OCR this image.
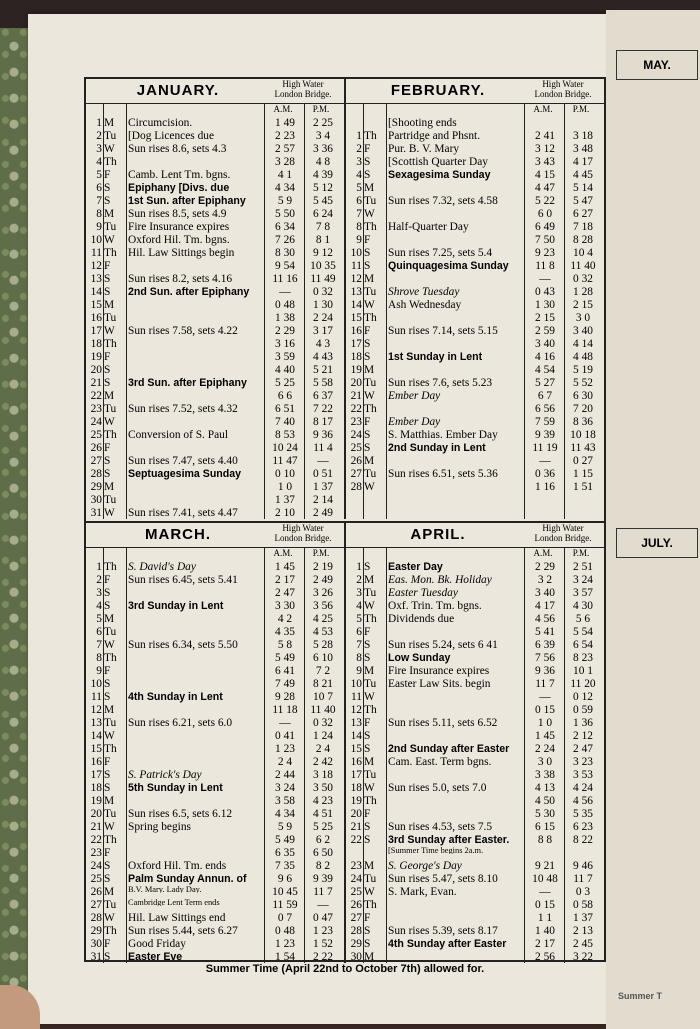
MAY.
JULY.
Summer T
JANUARY.	High Water
London Bridge.
A.M. P.M.
1 M	Circumcision.	1 49	2 25
2 Tu	[Dog Licences due	2 23	3 4
3 W	Sun rises 8.6, sets 4.3	2 57	3 36
4 Th	3 28	4 8
5 F	Camb. Lent Tm. bgns.	4 1	4 39
6 S	Epiphany [Divs. due	4 34	5 12
7 S	1st Sun. after Epiphany	5 9	5 45
8 M	Sun rises 8.5, sets 4.9	5 50	6 24
9 Tu	Fire Insurance expires	6 34	7 8
10 W	Oxford Hil. Tm. bgns.	7 26	8 1
11 Th Hil. Law Sittings begin	8 30	9 12
12 F	9 54	10 35
13 S	Sun rises 8.2, sets 4.16	11 16	11 49
14 S	2nd Sun. after Epiphany	—	0 32
15 M	0 48	1 30
16 Tu	1 38	2 24
17 W	Sun rises 7.58, sets 4.22	2 29	3 17
18 Th	3 16	4 3
19 F	3 59	4 43
20 S	4 40	5 21
21 S	3rd Sun. after Epiphany	5 25	5 58
22 M	6 6	6 37
23 Tu	Sun rises 7.52, sets 4.32	6 51	7 22
24 W	7 40	8 17
25 Th Conversion of S. Paul	8 53	9 36
26 F	10 24	11 4
27 S	Sun rises 7.47, sets 4.40	11 47	—
28 S	Septuagesima Sunday	0 10	0 51
29 M	1 0	1 37
30 Tu	1 37	2 14
31 W	Sun rises 7.41, sets 4.47	2 10	2 49
FEBRUARY.	High Water
London Bridge.
A.M. P.M.
[Shooting ends
1 Th Partridge and Phsnt.	2 41	3 18
2 F	Pur. B. V. Mary	3 12	3 48
3 S	[Scottish Quarter Day	3 43	4 17
4 S	Sexagesima Sunday	4 15	4 45
5 M	4 47	5 14
6 Tu	Sun rises 7.32, sets 4.58	5 22	5 47
7 W	6 0	6 27
8 Th Half-Quarter Day	6 49	7 18
9 F	7 50	8 28
10 S	Sun rises 7.25, sets 5.4	9 23	10 4
11 S	Quinquagesima Sunday	11 8	11 40
12 M	—	0 32
13 Tu	Shrove Tuesday	0 43	1 28
14 W	Ash Wednesday	1 30	2 15
15 Th	2 15	3 0
16 F	Sun rises 7.14, sets 5.15	2 59	3 40
17 S	3 40	4 14
18 S	1st Sunday in Lent	4 16	4 48
19 M	4 54	5 19
20 Tu	Sun rises 7.6, sets 5.23	5 27	5 52
21 W	Ember Day	6 7	6 30
22 Th	6 56	7 20
23 F	Ember Day	7 59	8 36
24 S	S. Matthias. Ember Day	9 39	10 18
25 S	2nd Sunday in Lent	11 19	11 43
26 M	—	0 27
27 Tu	Sun rises 6.51, sets 5.36	0 36	1 15
28 W	1 16	1 51
MARCH.	High Water
London Bridge.
A.M. P.M.
1 Th S. David's Day	1 45	2 19
2 F	Sun rises 6.45, sets 5.41	2 17	2 49
3 S	2 47	3 26
4 S	3rd Sunday in Lent	3 30	3 56
5 M	4 2	4 25
6 Tu	4 35	4 53
7 W	Sun rises 6.34, sets 5.50	5 8	5 28
8 Th	5 49	6 10
9 F	6 41	7 2
10 S	7 49	8 21
11 S	4th Sunday in Lent	9 28	10 7
12 M	11 18	11 40
13 Tu	Sun rises 6.21, sets 6.0	—	0 32
14 W	0 41	1 24
15 Th	1 23	2 4
16 F	2 4	2 42
17 S	S. Patrick's Day	2 44	3 18
18 S	5th Sunday in Lent	3 24	3 50
19 M	3 58	4 23
20 Tu	Sun rises 6.5, sets 6.12	4 34	4 51
21 W	Spring begins	5 9	5 25
22 Th	5 49	6 2
23 F	6 35	6 50
24 S	Oxford Hil. Tm. ends	7 35	8 2
25 S	Palm Sunday Annun. of	9 6	9 39
26 M	B.V. Mary. Lady Day.	10 45	11 7
27 Tu	Cambridge Lent Term ends	11 59	—
28 W	Hil. Law Sittings end	0 7	0 47
29 Th Sun rises 5.44, sets 6.27	0 48	1 23
30 F	Good Friday	1 23	1 52
31 S	Easter Eve	1 54	2 22
APRIL.	High Water
London Bridge.
A.M. P.M.
1 S	Easter Day	2 29	2 51
2 M	Eas. Mon. Bk. Holiday	3 2	3 24
3 Tu	Easter Tuesday	3 40	3 57
4 W	Oxf. Trin. Tm. bgns.	4 17	4 30
5 Th Dividends due	4 56	5 6
6 F	5 41	5 54
7 S	Sun rises 5.24, sets 6 41	6 39	6 54
8 S	Low Sunday	7 56	8 23
9 M	Fire Insurance expires	9 36	10 1
10 Tu	Easter Law Sits. begin	11 7	11 20
11 W	—	0 12
12 Th	0 15	0 59
13 F	Sun rises 5.11, sets 6.52	1 0	1 36
14 S	1 45	2 12
15 S	2nd Sunday after Easter	2 24	2 47
16 M	Cam. East. Term bgns.	3 0	3 23
17 Tu	3 38	3 53
18 W	Sun rises 5.0, sets 7.0	4 13	4 24
19 Th	4 50	4 56
20 F	5 30	5 35
21 S	Sun rises 4.53, sets 7.5	6 15	6 23
22 S	3rd Sunday after Easter.	8 8	8 22
[Summer Time begins 2a.m.
23 M	S. George's Day	9 21	9 46
24 Tu	Sun rises 5.47, sets 8.10	10 48	11 7
25 W	S. Mark, Evan.	—	0 3
26 Th	0 15	0 58
27 F	1 1	1 37
28 S	Sun rises 5.39, sets 8.17	1 40	2 13
29 S	4th Sunday after Easter	2 17	2 45
30 M	2 56	3 22
Summer Time (April 22nd to October 7th) allowed for.
